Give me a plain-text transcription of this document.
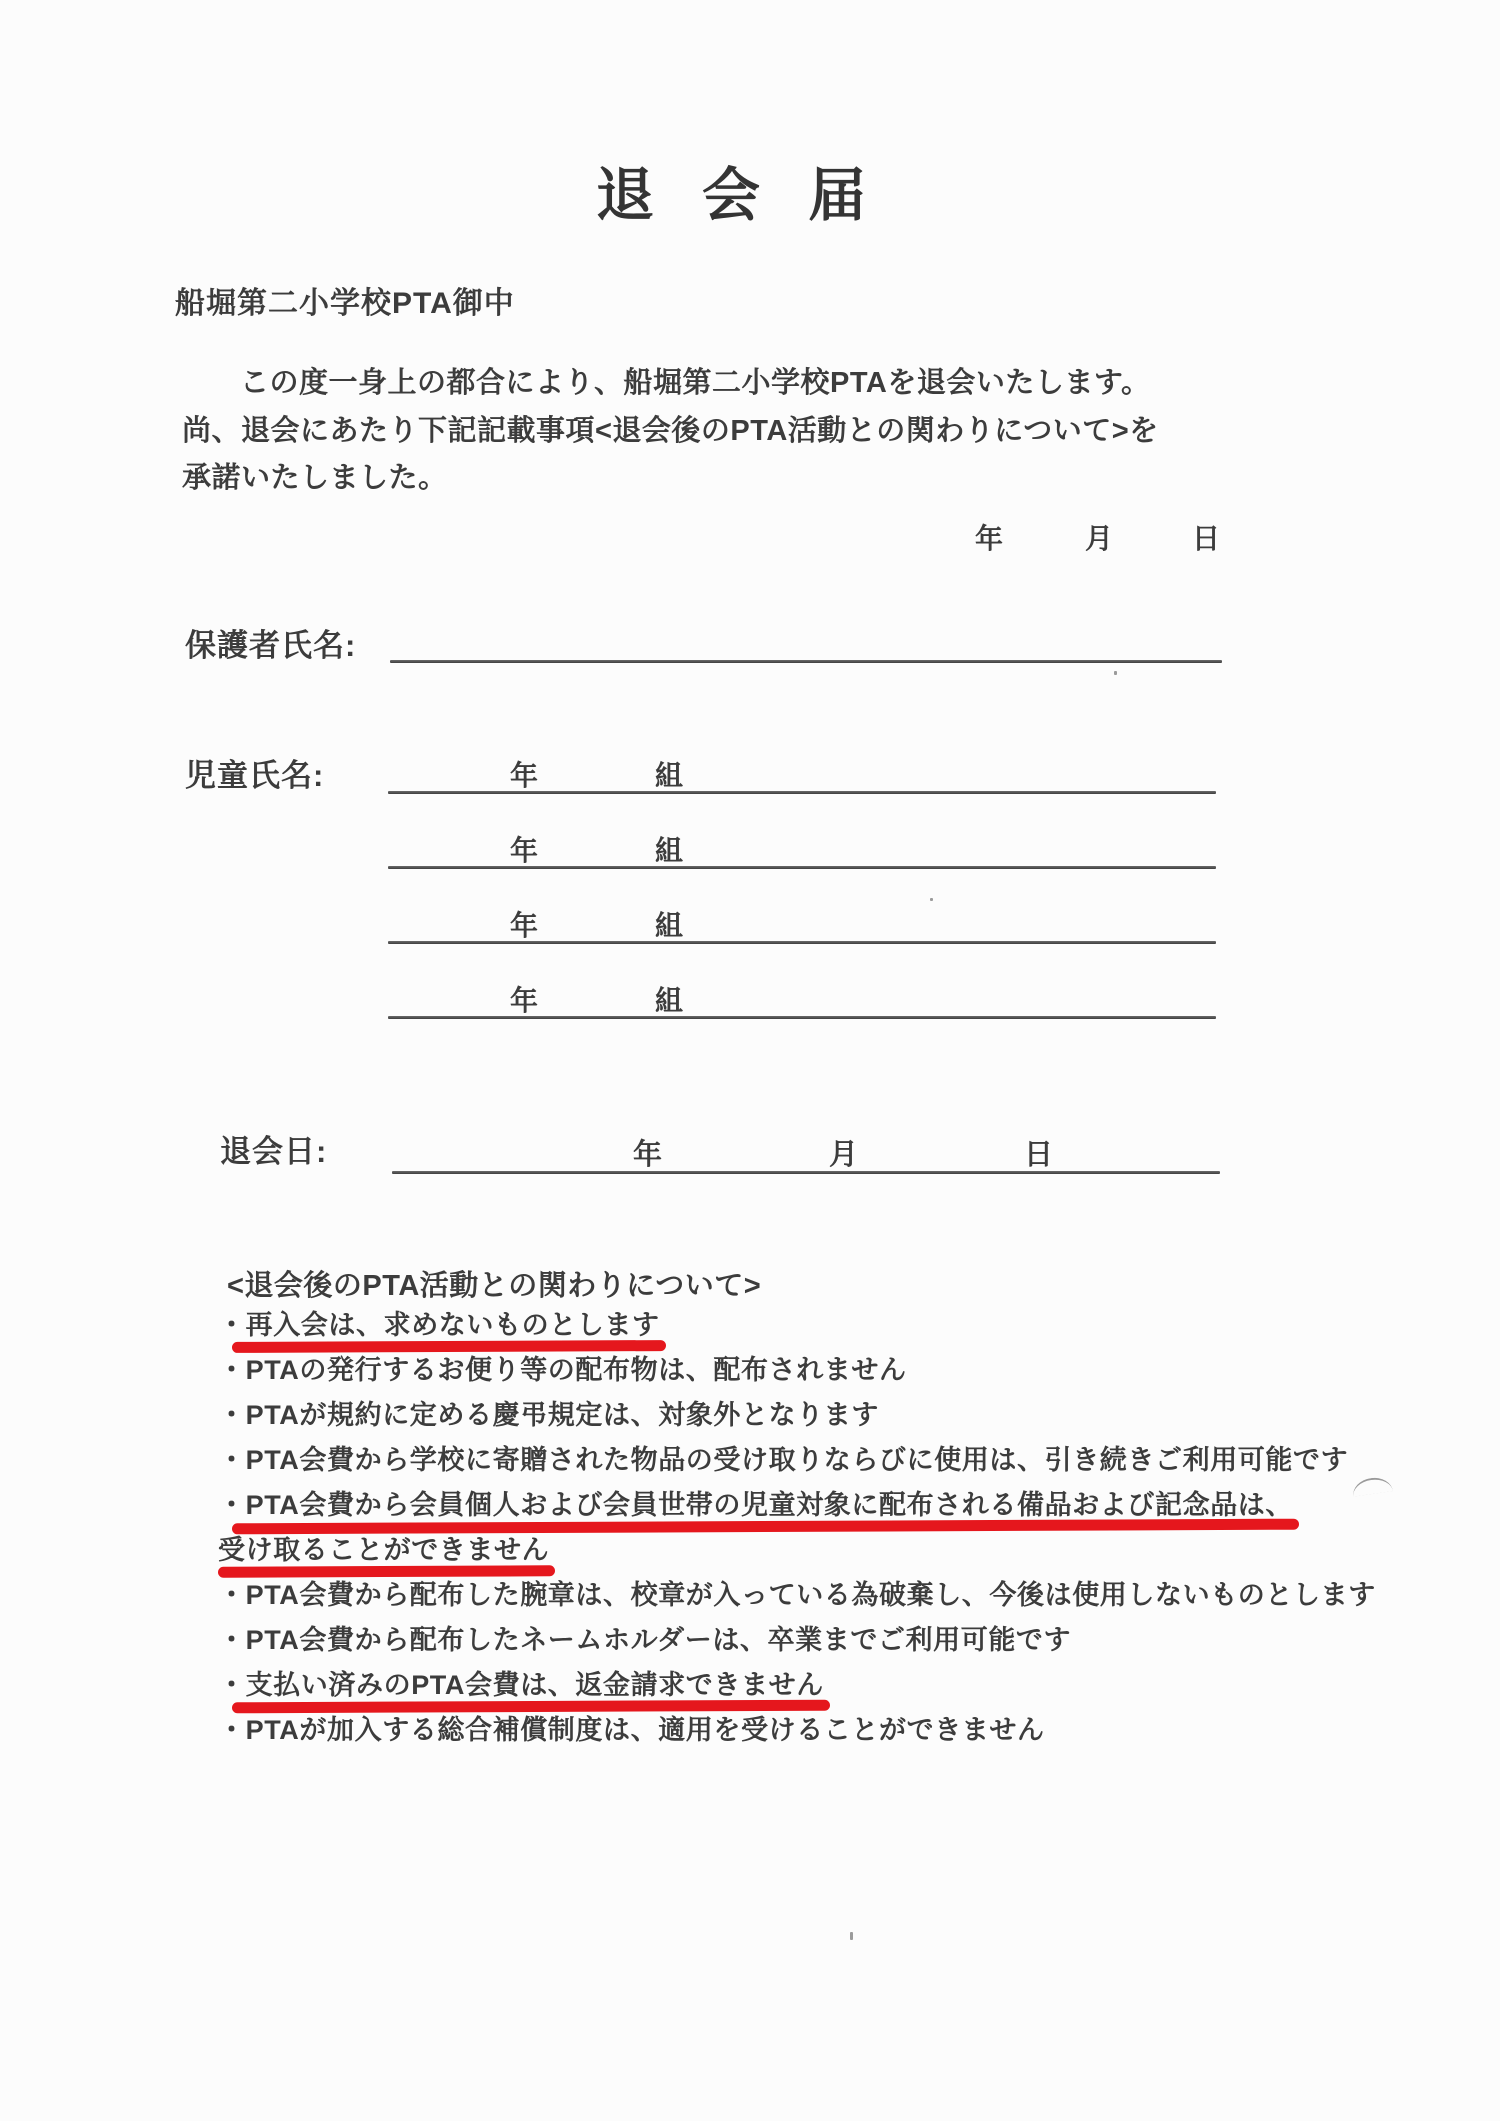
退 会 届
船堀第二小学校PTA御中
この度一身上の都合により、船堀第二小学校PTAを退会いたします。
尚、退会にあたり下記記載事項<退会後のPTA活動との関わりについて>を
承諾いたしました。
年	月	日
保護者氏名:
児童氏名:	年	組
年	組
年	組
年	組
退会日:	年	月	日
<退会後のPTA活動との関わりについて>
・再入会は、求めないものとします
・PTAの発行するお便り等の配布物は、配布されません
・PTAが規約に定める慶弔規定は、対象外となります
・PTA会費から学校に寄贈された物品の受け取りならびに使用は、引き続きご利用可能です
・PTA会費から会員個人および会員世帯の児童対象に配布される備品および記念品は、
受け取ることができません
・PTA会費から配布した腕章は、校章が入っている為破棄し、今後は使用しないものとします
・PTA会費から配布したネームホルダーは、卒業までご利用可能です
・支払い済みのPTA会費は、返金請求できません
・PTAが加入する総合補償制度は、適用を受けることができません
